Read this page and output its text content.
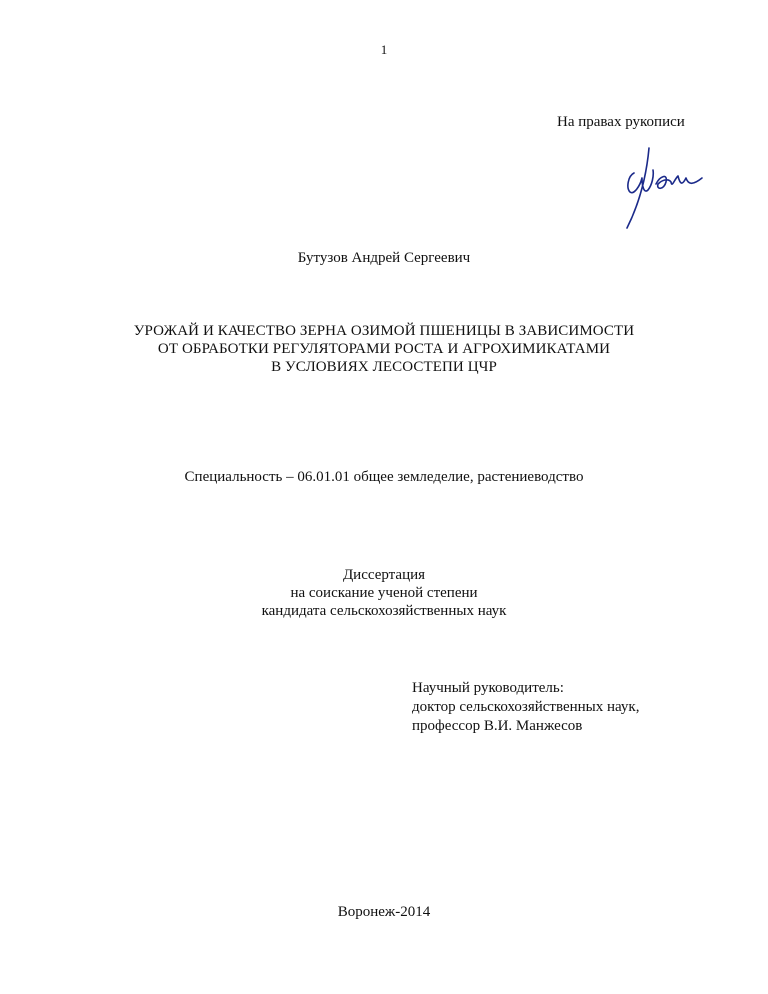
1
На правах рукописи
Бутузов Андрей Сергеевич
УРОЖАЙ И КАЧЕСТВО ЗЕРНА ОЗИМОЙ ПШЕНИЦЫ В ЗАВИСИМОСТИ
ОТ ОБРАБОТКИ РЕГУЛЯТОРАМИ РОСТА И АГРОХИМИКАТАМИ
В УСЛОВИЯХ ЛЕСОСТЕПИ ЦЧР
Специальность – 06.01.01 общее земледелие, растениеводство
Диссертация
на соискание ученой степени
кандидата сельскохозяйственных наук
Научный руководитель:
доктор сельскохозяйственных наук,
профессор В.И. Манжесов
Воронеж-2014
